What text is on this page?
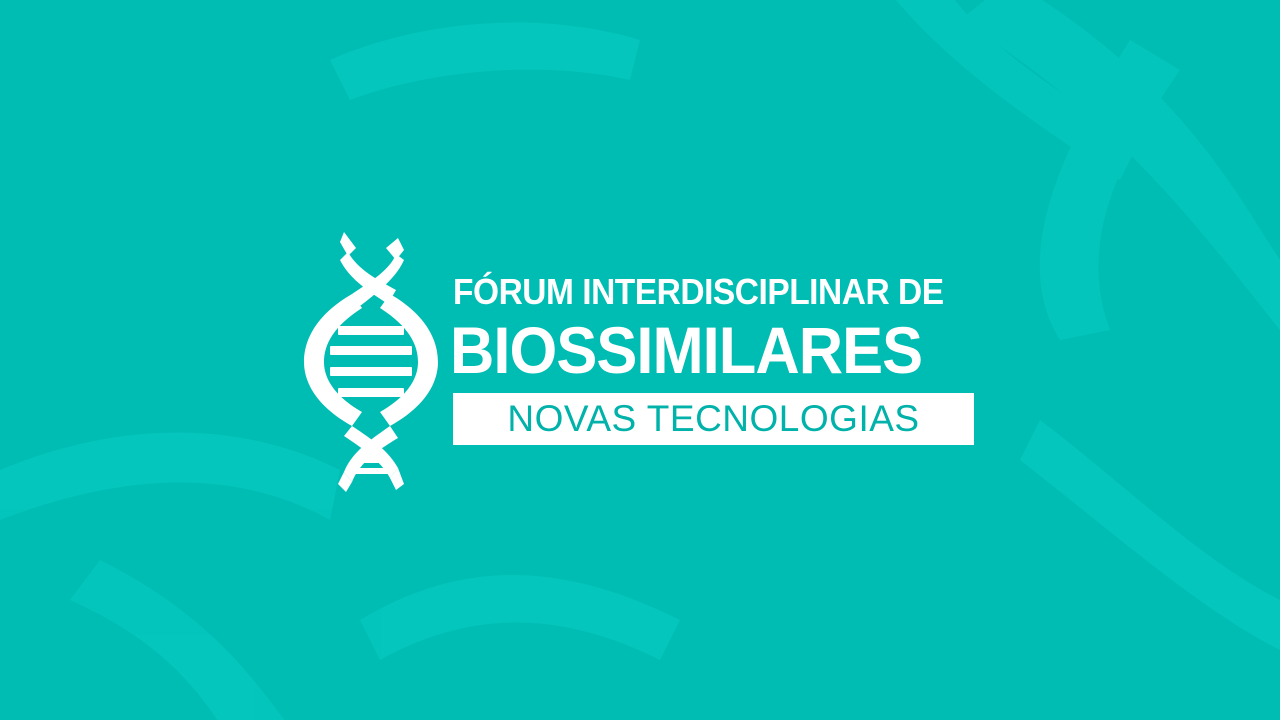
FÓRUM INTERDISCIPLINAR DE
BIOSSIMILARES
NOVAS TECNOLOGIAS
